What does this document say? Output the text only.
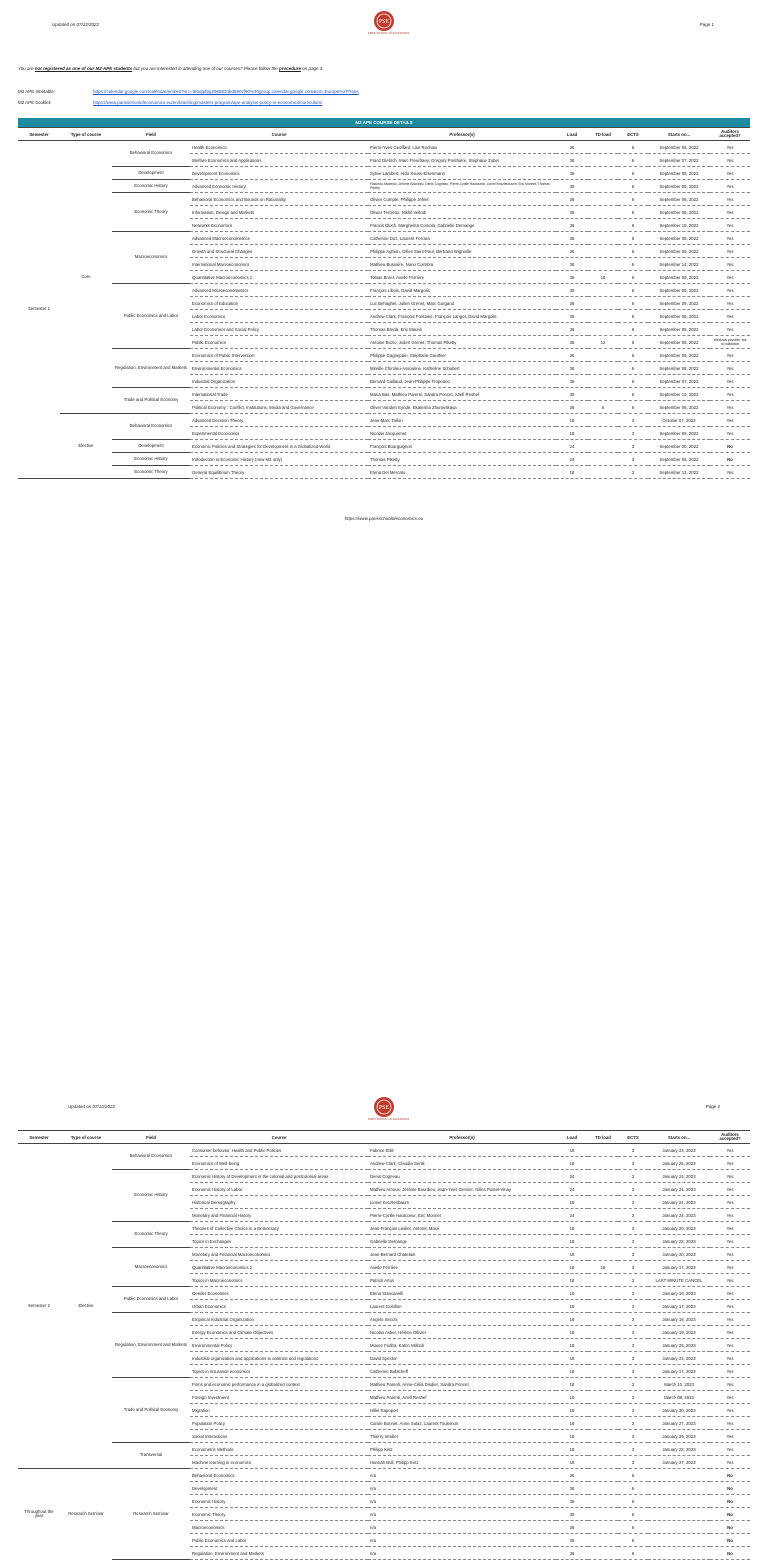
Updated on 07/12/2022	Page 1
PSE
PARIS SCHOOL OF ECONOMICS
You are not registered as one of our M2 APE students but you are interested in attending one of our courses? Please follow the procedure on page 3.
M2 APE timetable:	https://calendar.google.com/calendar/embed?src=tbbqtpfpg2968834bd580vf90%40group.calendar.google.com&ctz=Europe%2FParis
M2 APE booklet:	https://www.parisschoolofeconomics.eu/en/teaching/masters-program/ape-analysis-policy-in-economics/curriculum/
M2 APE COURSE DETAILS									
Semester	Type of course	Field	Course	Professor(s)	Load	TD load	ECTS	Starts on...	Auditors accepted?
Semester 1	Core	Behavioral Economics	Health Economics	Pierre-Yves Geoffard, Lise Rochaix	36		6	September 06, 2022	Yes
			Welfare Economics and Applications	Franz Dietrich, Marc Fleurbaey, Gregory Ponthière, Stéphane Zuber	36		6	September 07, 2022	Yes
		Development	Development Economics	Sylvie Lambert, Aldo Ssuss-Eisenmann	36		6	September 08, 2022	Yes
		Economic History	Advanced Economic History	Facundo Alvaredo, Jérôme Bourdieu, Denis Cogneau, Pierre-Cyrille Hautcoeur, Lionel Kesztenbaum, Eric Monnet, Thomas Piketty	36		6	September 05, 2022	Yes
		Economic Theory	Behavioral Economics and Bounds on Rationality	Olivier Compte, Philippe Jehiel	36		6	September 06, 2022	Yes
			Information, Design and Markets	Olivier Tercieux, Nikhil Vellodi	36		6	September 06, 2022	Yes
			Networks Economics	Francis Bloch, Margherita Comola, Gabrielle Demange	36		6	September 19, 2022	Yes
		Macroeconomics	Advanced Macroeconometrics	Catherine Doz, Laurent Ferrara	36		6	September 08, 2022	Yes
			Growth and Structural Changes	Philippe Aghion, Gilles Saint-Paul, Bertrand Wigniolle	36		6	September 09, 2022	Yes
			International Macroeconomics	Mathieu Bussière, Nuno Coimbra	36		6	September 14, 2022	Yes
			Quantitative Macroeconomics 1	Tobias Broer, Axelle Ferrière	36	18	6	September 09, 2022	Yes
		Public Economics and Labor	Advanced Microeconometrics	François Libois, David Margolis	36		6	September 05, 2022	Yes
			Economics of Education	Luc Behaghel, Julien Grenet, Marc Gurgand	36		6	September 09, 2022	Yes
			Labor Economics	Andrew Clark, François Fontaine, François Langot, David Margolis	36		6	September 06, 2022	Yes
			Labor Economics and Social Policy	Thomas Breda, Eric Maurin	36		6	September 05, 2022	Yes
			Public Economics	Antoine Bozio, Julien Grenet, Thomas Piketty	36	12	6	September 06, 2022	Windows possible, but no validation
		Regulation, Environment and Markets	Economics of Public Intervention	Philippe Gagnepain, Stéphane Gauthier	36		6	September 05, 2022	Yes
			Environmental Economics	Mireille Chiroleu-Assouline, Katheline Schubert	36		6	September 08, 2022	Yes
			Industrial Organization	Bernard Caillaud, Jean-Philippe Tropeano	36		6	September 07, 2022	Yes
		Trade and Political Economy	International Trade	Maria Bas, Mathieu Parenti, Sandra Poncet, Ariell Reshef	36		6	September 13, 2022	Yes
			Political Economy : Conflict, Institutions, Media and Governance	Oliver Vanden Eynde, Ekaterina Zhuravskaya	36	6	6	September 06, 2022	Yes
	Elective	Behavioral Economics	Advanced Decision Theory	Jean-Marc Tallon	18		3	October 07, 2022	Yes
			Experimental Economics	Nicolas Jacquemet	18		3	September 09, 2022	Yes
		Development	Economic Policies and Strategies for Development in a Globalized World	François Bourguignon	24		3	September 20, 2022	No
		Economic History	Introduction to Economic History (new M2 only)	Thomas Piketty	24		3	September 06, 2022	No
		Economic Theory	General Equilibrium Theory	Elena Del Mercato	18		3	September 12, 2022	Yes
https://www.parisschoolofeconomics.eu
Updated on 07/12/2022	Page 2
PSE
PARIS SCHOOL OF ECONOMICS
Semester	Type of course	Field	Course	Professor(s)	Load	TD load	ECTS	Starts on...	Auditors accepted?
Semester 2	Elective	Behavioral Economics	Consumer behavior, Health and Public Policies	Fabrice Etilé	18		3	January 23, 2023	Yes
			Economics of Well-being	Andrew Clark, Claudia Senik	18		3	January 25, 2023	Yes
		Economic History	Economic History of Development in the colonial and postcolonial areas	Denis Cogneau	24		3	January 24, 2023	Yes
			Economic History of Labor	Mathieu Arnoux, Jérôme Bourdieu, Jean-Yves Grenier, Gilles Postel-Vinay	24		3	January 24, 2023	Yes
			Historical Demography	Lionel Kesztenbaum	18		3	January 24, 2023	Yes
			Monetary and Financial History	Pierre-Cyrille Hautcoeur, Eric Monnet	24		3	January 24, 2023	Yes
		Economic Theory	Theories of Collective Choice in a Democracy	Jean-François Laslier, Antonin Macé	18		3	January 20, 2023	Yes
			Topics in Exchanges	Gabrielle Demange	18		3	January 23, 2023	Yes
		Macroeconomics	Monetary and Financial Macroeconomics	Jean-Bernard Chatelain	18		3	January 20, 2023	Yes
			Quantitative Macroeconomics 2	Axelle Ferrière	18	18	3	January 17, 2023	Yes
			Topics in Macroeconomics	Patrick Artus	18		3	LAST MINUTE CANCEL	Yes
		Public Economics and Labor	Gender Economics	Elena Stancanelli	18		3	January 19, 2023	Yes
			Urban Economics	Laurent Gobillon	18		3	January 17, 2023	Yes
		Regulation, Environment and Markets	Empirical Industrial Organization	Angelo Secchi	18		3	January 18, 2023	Yes
			Energy Economics and Climate Objectives	Nicolas Astier, Hélène Ollivier	18		3	January 19, 2023	Yes
			Environmental Policy	Mouez Fodha, Katrin Millock	18		3	January 25, 2023	Yes
			Industrial organization and applications to antitrust and regulations	David Spector	18		3	January 24, 2023	Yes
			Topics in insurance economics	Catherine Bobtcheff	18		3	January 17, 2023	Yes
		Trade and Political Economy	Firms and economic performance in a globalized context	Mathieu Parenti, Anne-Célia Disdier, Sandra Poncet	18		3	March 10, 2023	Yes
			Foreign Investment	Mathieu Parenti, Ariell Reshef	18		3	March 08, 2023	Yes
			Migration	Hillel Rapoport	18		3	January 30, 2023	Yes
			Population Policy	Carole Bonnet, Anne Solaz, Laurent Toulemon	18		3	January 27, 2023	Yes
			Social Interactions	Thierry Verdier	18		3	January 25, 2023	Yes
		Transversal	Econometric Methods	Philipp Ketz	18		3	January 23, 2023	Yes
			Machine learning in economics	Hannah Bull, Philipp Ketz	18		3	January 27, 2023	Yes
Throughout the year	Research Seminar	Research Seminar	Behavioral Economics	n/a	36		6		No
			Development	n/a	36		6		No
			Economic History	n/a	36		6		No
			Economic Theory	n/a	36		6		No
			Macroeconomics	n/a	36		6		No
			Public Economics and Labor	n/a	36		6		No
			Regulation, Environment and Markets	n/a	36		6		No
